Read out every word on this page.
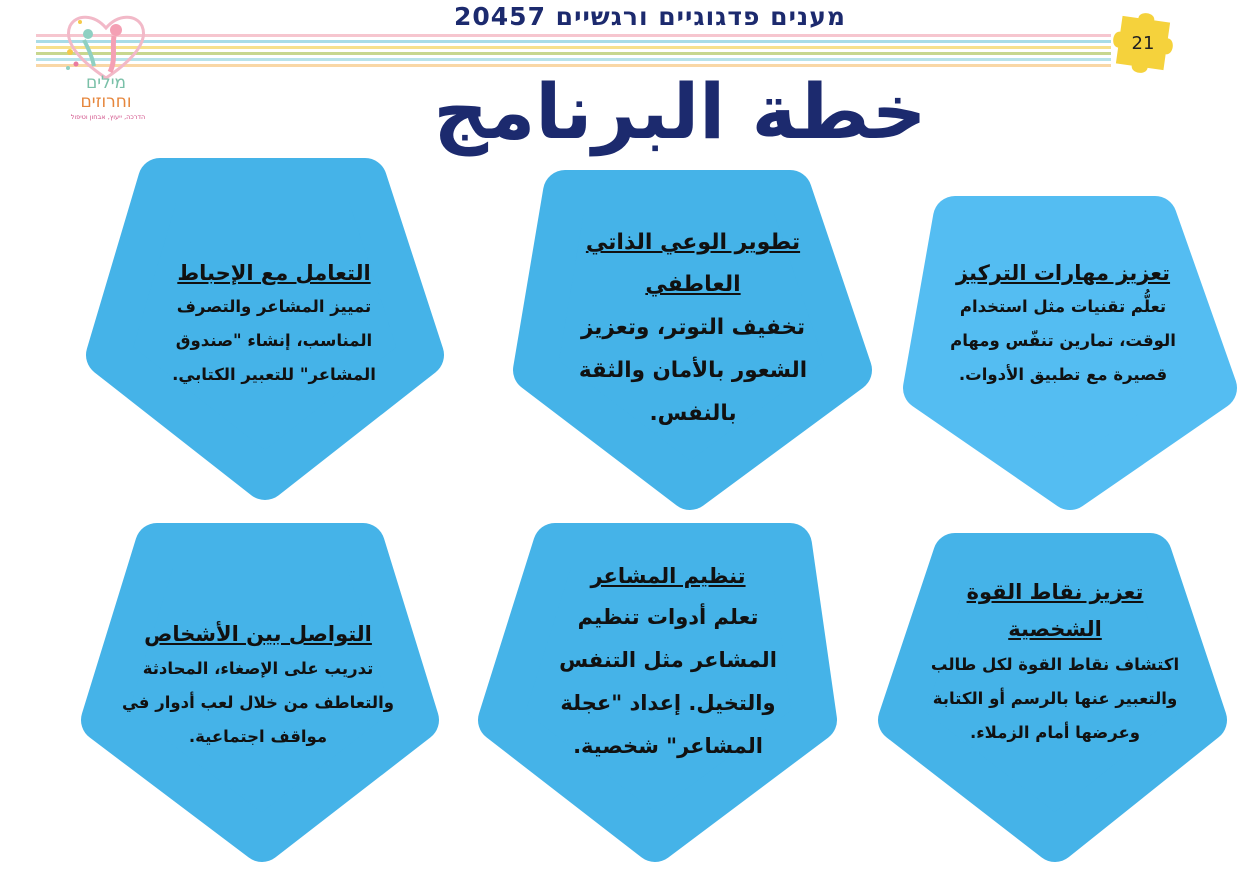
מענים פדגוגיים ורגשיים 20457
21
מילים
וחרוזים
הדרכה, ייעוץ, אבחון וטיפול	خطة البرنامج
تعزيز مهارات التركيز
تعلُّم تقنيات مثل استخدام الوقت، تمارين تنفّس ومهام قصيرة مع تطبيق الأدوات.
تطوير الوعي الذاتي العاطفي
تخفيف التوتر، وتعزيز الشعور بالأمان والثقة بالنفس.
التعامل مع الإحباط
تمييز المشاعر والتصرف المناسب، إنشاء "صندوق المشاعر" للتعبير الكتابي.
تعزيز نقاط القوة الشخصية
اكتشاف نقاط القوة لكل طالب والتعبير عنها بالرسم أو الكتابة وعرضها أمام الزملاء.
تنظيم المشاعر
تعلم أدوات تنظيم المشاعر مثل التنفس والتخيل. إعداد "عجلة المشاعر" شخصية.
التواصل بين الأشخاص
تدريب على الإصغاء، المحادثة والتعاطف من خلال لعب أدوار في مواقف اجتماعية.
